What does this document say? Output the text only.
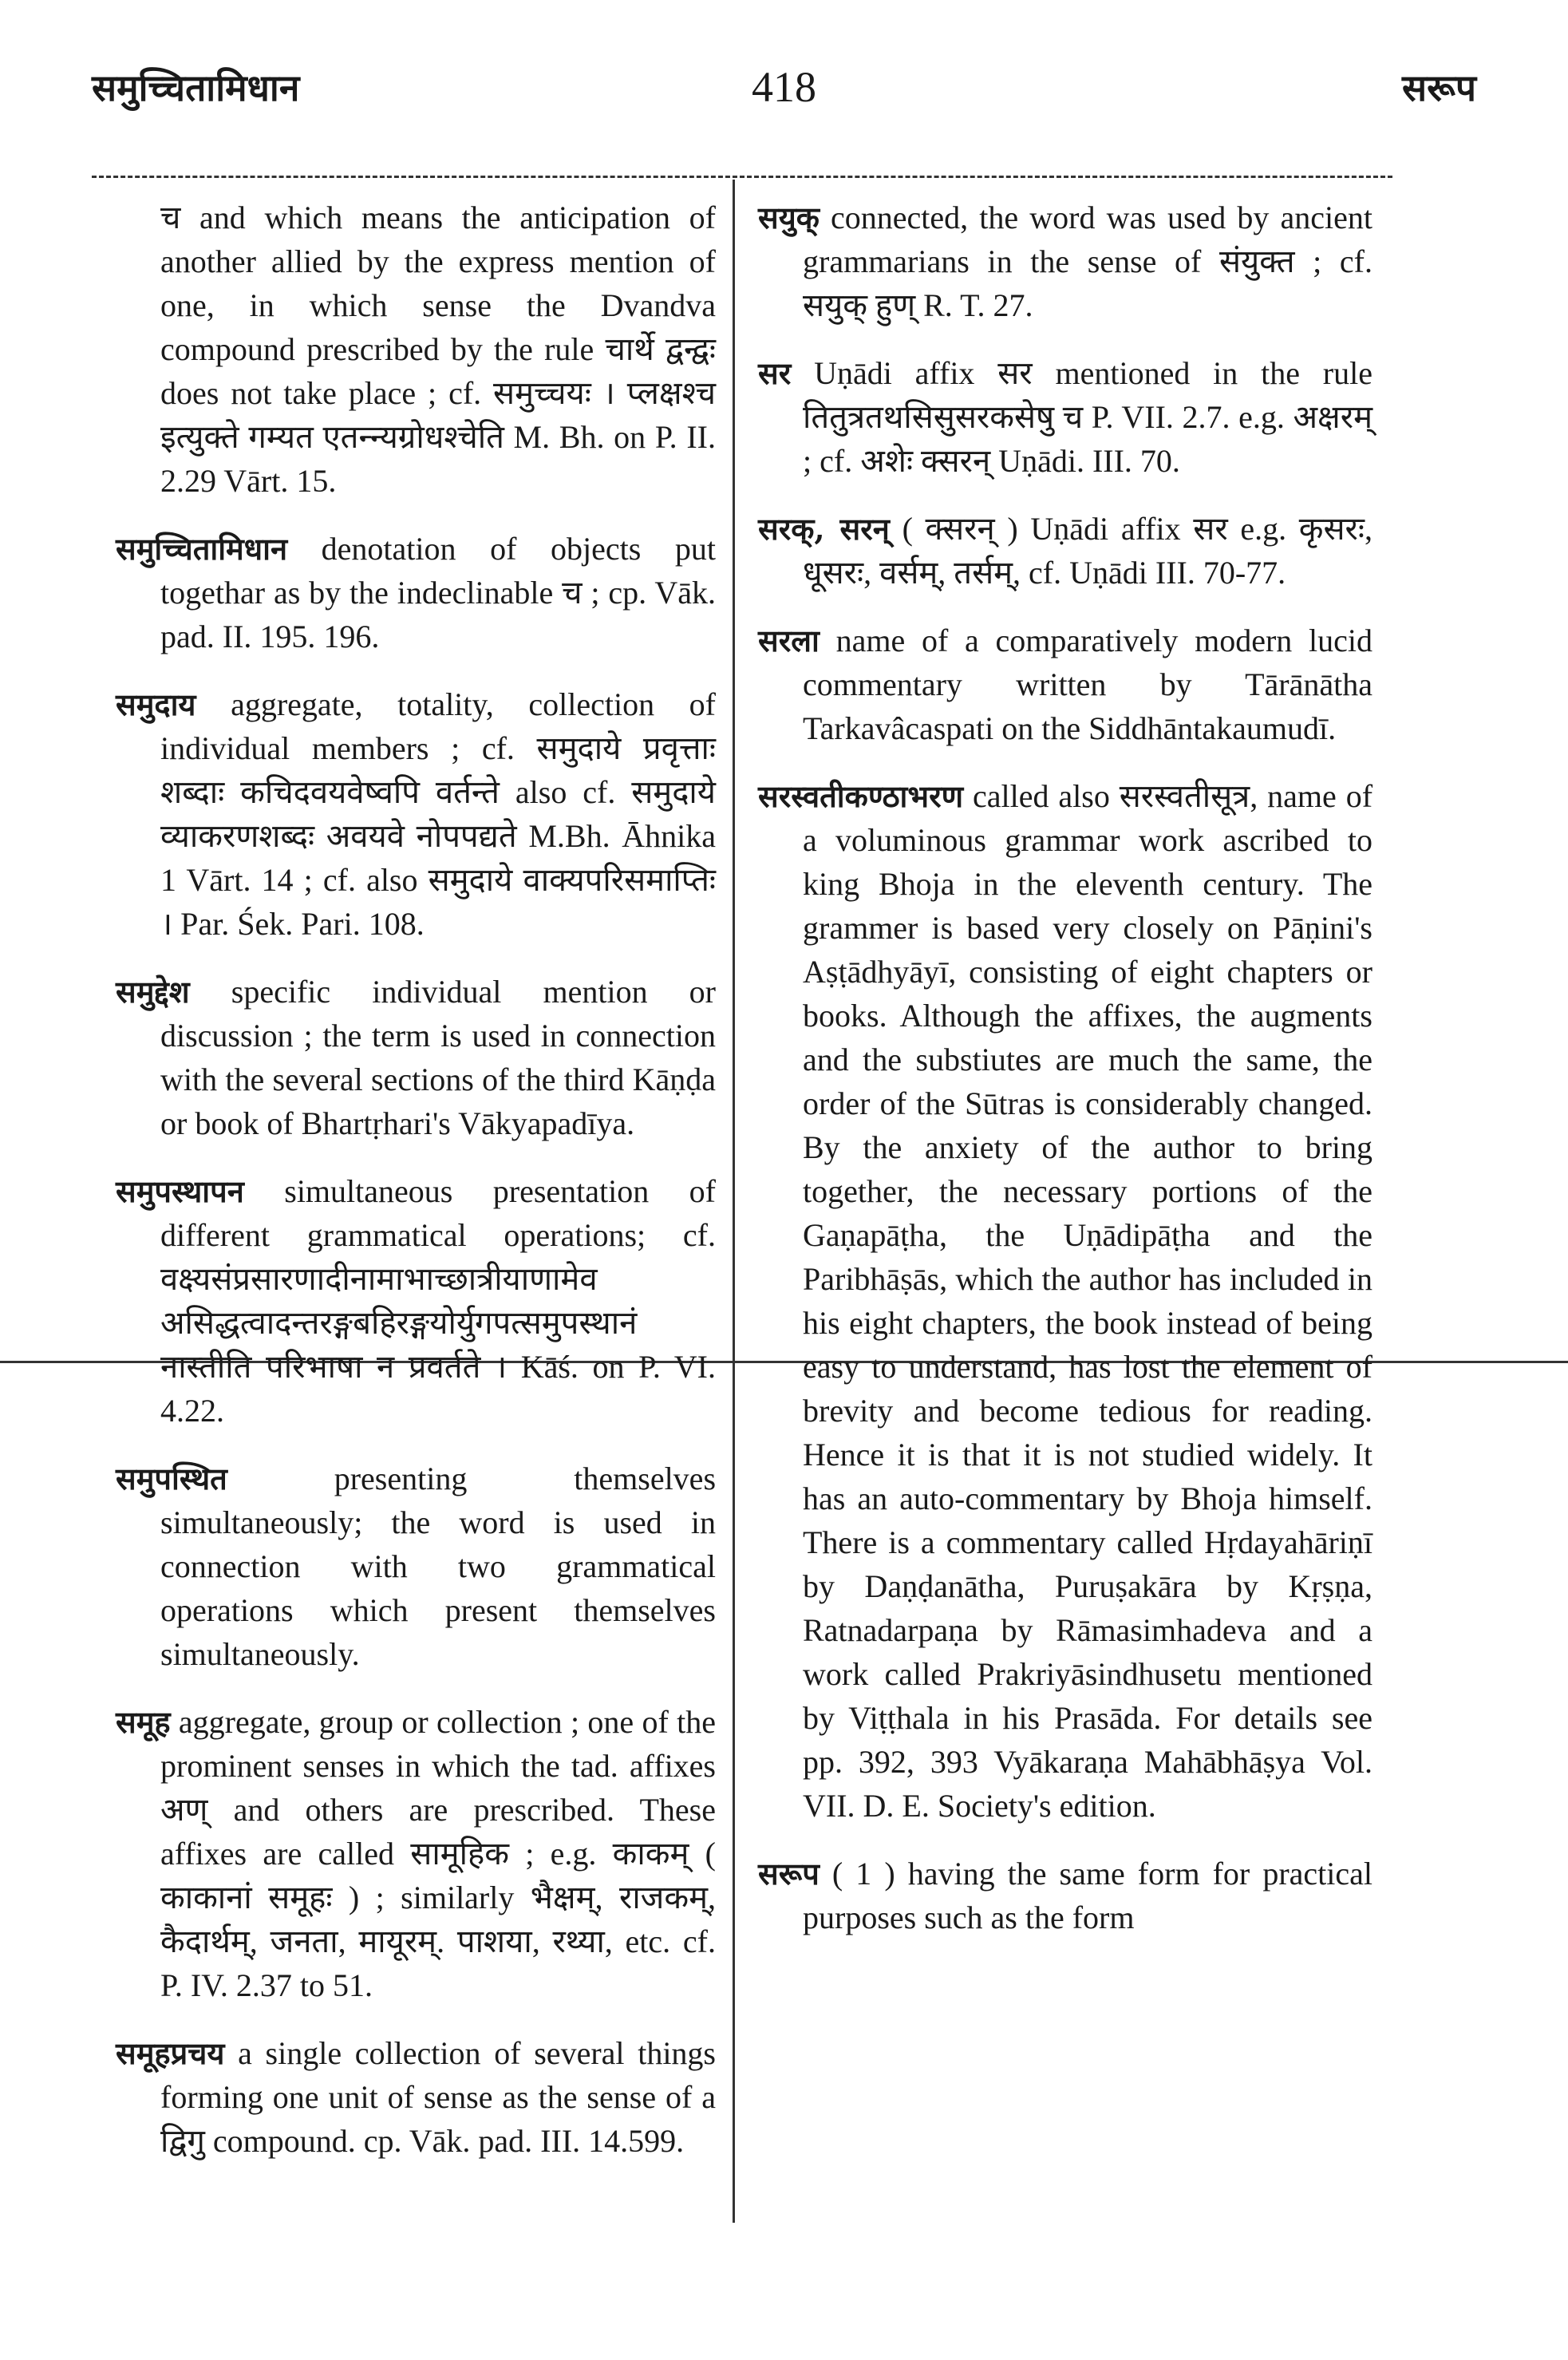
समुच्चितामिधान	418	सरूप

च and which means the anticipation of another allied by the express mention of one, in which sense the Dvandva compound prescribed by the rule चार्थे द्वन्द्वः does not take place ; cf. समुच्चयः । प्लक्षश्च इत्युक्ते गम्यत एतन्न्यग्रोधश्चेति M. Bh. on P. II. 2.29 Vārt. 15.

समुच्चितामिधान denotation of objects put togethar as by the indeclinable च ; cp. Vāk. pad. II. 195. 196.

समुदाय aggregate, totality, collection of individual members ; cf. समुदाये प्रवृत्ताः शब्दाः कचिदवयवेष्वपि वर्तन्ते also cf. समुदाये व्याकरणशब्दः अवयवे नोपपद्यते M.Bh. Āhnika 1 Vārt. 14 ; cf. also समुदाये वाक्यपरिसमाप्तिः । Par. Śek. Pari. 108.

समुद्देश specific individual mention or discussion ; the term is used in connection with the several sections of the third Kāṇḍa or book of Bhartṛhari's Vākyapadīya.

समुपस्थापन simultaneous presentation of different grammatical operations; cf. वक्ष्यसंप्रसारणादीनामाभाच्छात्रीयाणामेव असिद्धत्वादन्तरङ्गबहिरङ्गयोर्युगपत्समुपस्थानं नास्तीति परिभाषा न प्रवर्तते । Kāś. on P. VI. 4.22.

समुपस्थित	presenting themselves simultaneously; the word is used in connection with two grammatical operations which present themselves simultaneously.

समूह aggregate, group or collection ; one of the prominent senses in which the tad. affixes अण् and others are prescribed. These affixes are called सामूहिक ; e.g. काकम् ( काकानां समूहः ) ; similarly भैक्षम्, राजकम्, कैदार्थम्, जनता, मायूरम्. पाशया, रथ्या, etc. cf. P. IV. 2.37 to 51.

समूहप्रचय a single collection of several things forming one unit of sense as the sense of a द्विगु compound. cp. Vāk. pad. III. 14.599.

सयुक् connected, the word was used by ancient grammarians in the sense of संयुक्त ; cf. सयुक् हुण् R. T. 27.

सर Uṇādi affix सर mentioned in the rule तितुत्रतथसिसुसरकसेषु च P. VII. 2.7. e.g. अक्षरम् ; cf. अशेः क्सरन् Uṇādi. III. 70.

सरक्, सरन् ( क्सरन् ) Uṇādi affix सर e.g. कृसरः, धूसरः, वर्सम्, तर्सम्, cf. Uṇādi III. 70-77.

सरला name of a comparatively modern lucid commentary written by Tārānātha Tarkavâcaspati on the Siddhāntakaumudī.

सरस्वतीकण्ठाभरण called also सरस्वतीसूत्र, name of a voluminous grammar work ascribed to king Bhoja in the eleventh century. The grammer is based very closely on Pāṇini's Aṣṭādhyāyī, consisting of eight chapters or books. Although the affixes, the augments and the substiutes are much the same, the order of the Sūtras is considerably changed. By the anxiety of the author to bring together, the necessary portions of the Gaṇapāṭha, the Uṇādipāṭha and the Paribhāṣās, which the author has included in his eight chapters, the book instead of being easy to understand, has lost the element of brevity and become tedious for reading. Hence it is that it is not studied widely. It has an auto-commentary by Bhoja himself. There is a commentary called Hṛdayahāriṇī by Daṇḍanātha, Puruṣakāra by Kṛṣṇa, Ratnadarpaṇa by Rāmasimhadeva and a work called Prakriyāsindhusetu mentioned by Viṭṭhala in his Prasāda. For details see pp. 392, 393 Vyākaraṇa Mahābhāṣya Vol. VII. D. E. Society's edition.

सरूप ( 1 ) having the same form for practical purposes such as the form
